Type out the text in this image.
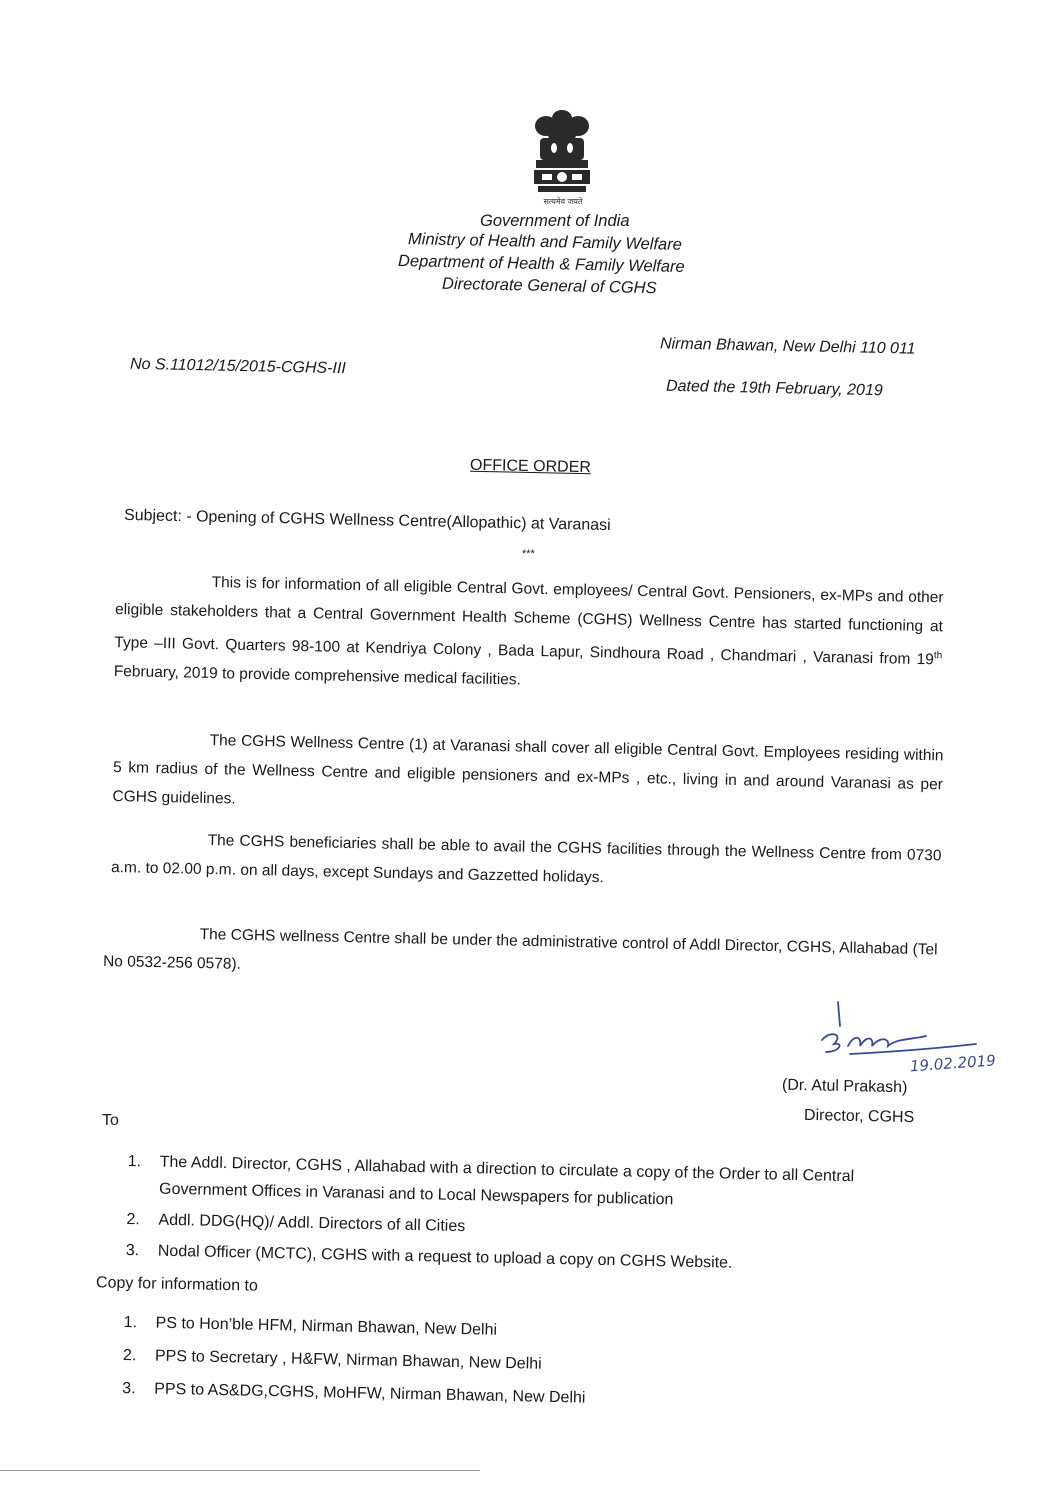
सत्यमेव जयते
Government of India
Ministry of Health and Family Welfare
Department of Health & Family Welfare
Directorate General of CGHS
Nirman Bhawan, New Delhi 110 011
No S.11012/15/2015-CGHS-III
Dated the 19th February, 2019
OFFICE ORDER
Subject: - Opening of CGHS Wellness Centre(Allopathic) at Varanasi
***

This is for information of all eligible Central Govt. employees/ Central Govt. Pensioners, ex-MPs and other eligible stakeholders that a Central Government Health Scheme (CGHS) Wellness Centre has started functioning at Type –III Govt. Quarters 98-100 at Kendriya Colony , Bada Lapur, Sindhoura Road , Chandmari , Varanasi from 19th February, 2019 to provide comprehensive medical facilities.

The CGHS Wellness Centre (1) at Varanasi shall cover all eligible Central Govt. Employees residing within 5 km radius of the Wellness Centre and eligible pensioners and ex-MPs , etc., living in and around Varanasi as per CGHS guidelines.

The CGHS beneficiaries shall be able to avail the CGHS facilities through the Wellness Centre from 0730 a.m. to 02.00 p.m. on all days, except Sundays and Gazzetted holidays.

The CGHS wellness Centre shall be under the administrative control of Addl Director, CGHS, Allahabad (Tel No 0532-256 0578).

19.02.2019
(Dr. Atul Prakash)
Director, CGHS
To
1. The Addl. Director, CGHS , Allahabad with a direction to circulate a copy of the Order to all Central Government Offices in Varanasi and to Local Newspapers for publication
2. Addl. DDG(HQ)/ Addl. Directors of all Cities
3. Nodal Officer (MCTC), CGHS with a request to upload a copy on CGHS Website.
Copy for information to
1. PS to Hon’ble HFM, Nirman Bhawan, New Delhi
2. PPS to Secretary , H&FW, Nirman Bhawan, New Delhi
3. PPS to AS&DG,CGHS, MoHFW, Nirman Bhawan, New Delhi
